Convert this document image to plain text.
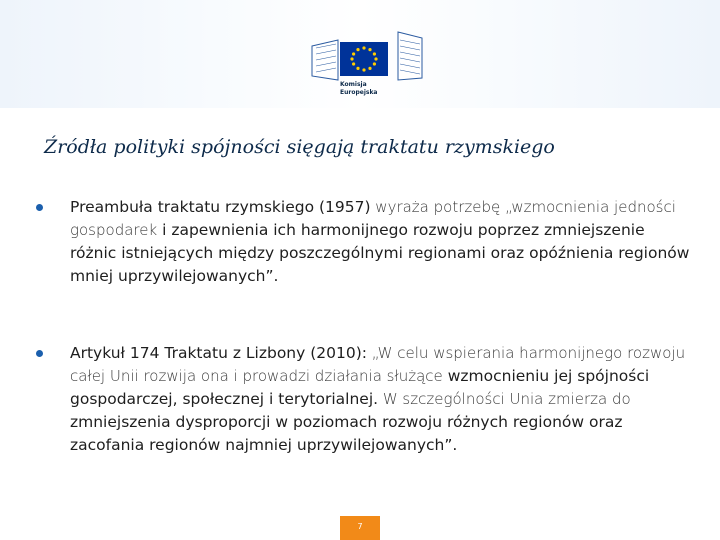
Komisja
Europejska
Źródła polityki spójności sięgają traktatu rzymskiego
Preambuła traktatu rzymskiego (1957) wyraża potrzebę „wzmocnienia jedności gospodarek i zapewnienia ich harmonijnego rozwoju poprzez zmniejszenie różnic istniejących między poszczególnymi regionami oraz opóźnienia regionów mniej uprzywilejowanych”.
Artykuł 174 Traktatu z Lizbony (2010): „W celu wspierania harmonijnego rozwoju całej Unii rozwija ona i prowadzi działania służące wzmocnieniu jej spójności gospodarczej, społecznej i terytorialnej. W szczególności Unia zmierza do zmniejszenia dysproporcji w poziomach rozwoju różnych regionów oraz zacofania regionów najmniej uprzywilejowanych”.
7
